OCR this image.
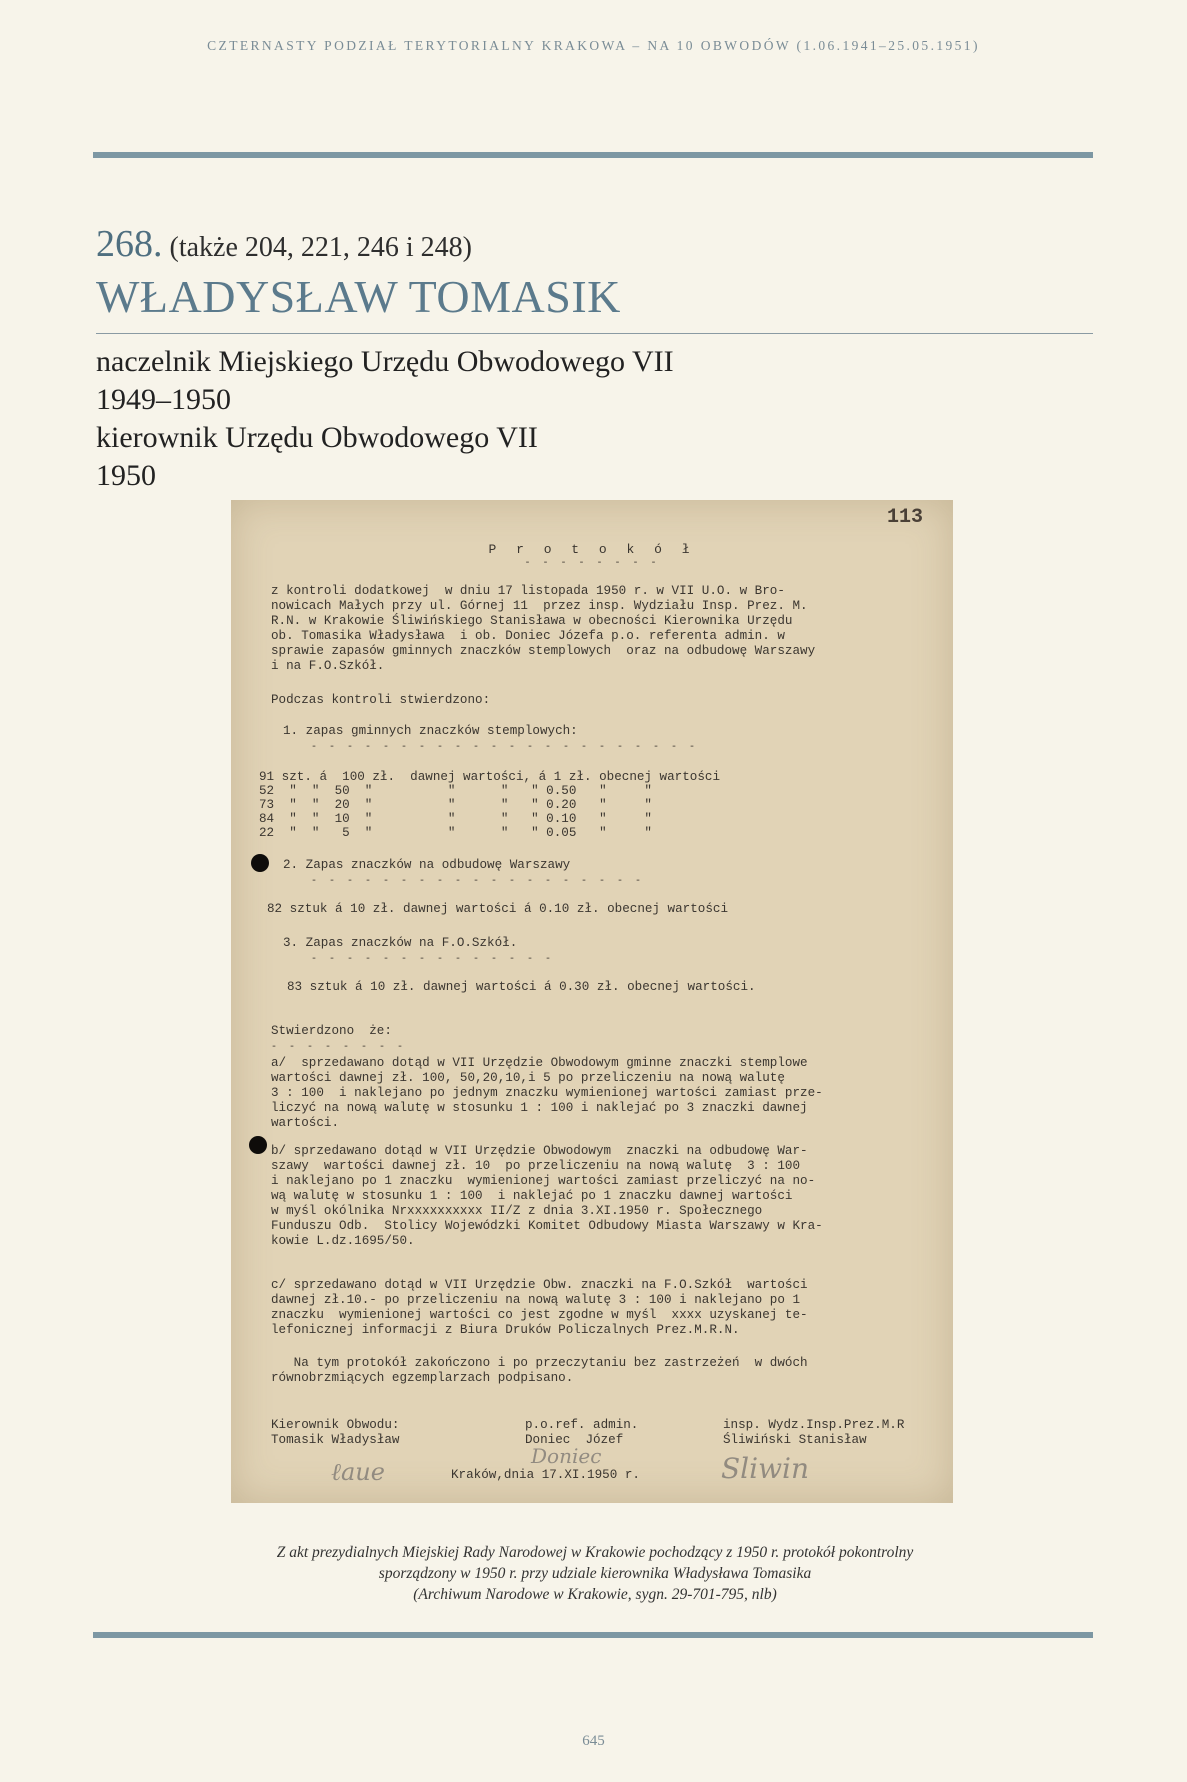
CZTERNASTY PODZIAŁ TERYTORIALNY KRAKOWA – NA 10 OBWODÓW (1.06.1941–25.05.1951)
268. (także 204, 221, 246 i 248)
WŁADYSŁAW TOMASIK
naczelnik Miejskiego Urzędu Obwodowego VII
1949–1950
kierownik Urzędu Obwodowego VII
1950
113
P r o t o k ó ł
- - - - - - - -
z kontroli dodatkowej  w dniu 17 listopada 1950 r. w VII U.O. w Bro-
nowicach Małych przy ul. Górnej 11  przez insp. Wydziału Insp. Prez. M.
R.N. w Krakowie Śliwińskiego Stanisława w obecności Kierownika Urzędu
ob. Tomasika Władysława  i ob. Doniec Józefa p.o. referenta admin. w
sprawie zapasów gminnych znaczków stemplowych  oraz na odbudowę Warszawy
i na F.O.Szkół.
Podczas kontroli stwierdzono:
1. zapas gminnych znaczków stemplowych:
- - - - - - - - - - - - - - - - - - - - - -
91 szt. á  100 zł.  dawnej wartości, á 1 zł. obecnej wartości
52  "  "  50  "          "      "   " 0.50   "     "
73  "  "  20  "          "      "   " 0.20   "     "
84  "  "  10  "          "      "   " 0.10   "     "
22  "  "   5  "          "      "   " 0.05   "     "
2. Zapas znaczków na odbudowę Warszawy
- - - - - - - - - - - - - - - - - - -
82 sztuk á 10 zł. dawnej wartości á 0.10 zł. obecnej wartości
3. Zapas znaczków na F.O.Szkół.
- - - - - - - - - - - - - -
83 sztuk á 10 zł. dawnej wartości á 0.30 zł. obecnej wartości.
Stwierdzono  że:
- - - - - - - -
a/  sprzedawano dotąd w VII Urzędzie Obwodowym gminne znaczki stemplowe
wartości dawnej zł. 100, 50,20,10,i 5 po przeliczeniu na nową walutę
3 : 100  i naklejano po jednym znaczku wymienionej wartości zamiast prze-
liczyć na nową walutę w stosunku 1 : 100 i naklejać po 3 znaczki dawnej
wartości.
b/ sprzedawano dotąd w VII Urzędzie Obwodowym  znaczki na odbudowę War-
szawy  wartości dawnej zł. 10  po przeliczeniu na nową walutę  3 : 100
i naklejano po 1 znaczku  wymienionej wartości zamiast przeliczyć na no-
wą walutę w stosunku 1 : 100  i naklejać po 1 znaczku dawnej wartości
w myśl okólnika Nrxxxxxxxxxx II/Z z dnia 3.XI.1950 r. Społecznego
Funduszu Odb.  Stolicy Wojewódzki Komitet Odbudowy Miasta Warszawy w Kra-
kowie L.dz.1695/50.
c/ sprzedawano dotąd w VII Urzędzie Obw. znaczki na F.O.Szkół  wartości
dawnej zł.10.- po przeliczeniu na nową walutę 3 : 100 i naklejano po 1
znaczku  wymienionej wartości co jest zgodne w myśl  xxxx uzyskanej te-
lefonicznej informacji z Biura Druków Policzalnych Prez.M.R.N.
Na tym protokół zakończono i po przeczytaniu bez zastrzeżeń  w dwóch
równobrzmiących egzemplarzach podpisano.
Kierownik Obwodu:
Tomasik Władysław
p.o.ref. admin.
Doniec  Józef
insp. Wydz.Insp.Prez.M.R
Śliwiński Stanisław
Kraków,dnia 17.XI.1950 r.
ℓ𝑎𝑢𝑒
𝐷𝑜𝑛𝑖𝑒𝑐	𝑆𝑙𝑖𝑤𝑖𝑛
Z akt prezydialnych Miejskiej Rady Narodowej w Krakowie pochodzący z 1950 r. protokół pokontrolny
sporządzony w 1950 r. przy udziale kierownika Władysława Tomasika
(Archiwum Narodowe w Krakowie, sygn. 29-701-795, nlb)
645
